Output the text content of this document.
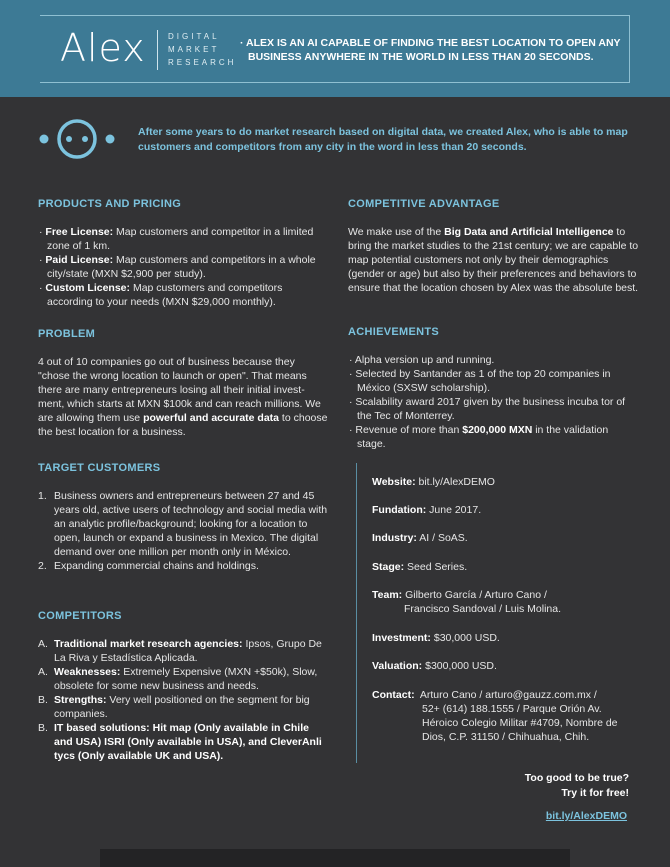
Alex	DIGITAL
MARKET
RESEARCH
· ALEX IS AN AI CAPABLE OF FINDING THE BEST LOCATION TO OPEN ANY
BUSINESS ANYWHERE IN THE WORLD IN LESS THAN 20 SECONDS.
After some years to do market research based on digital data, we created Alex, who is able to map customers and competitors from any city in the word in less than 20 seconds.
PRODUCTS AND PRICING

· Free License: Map customers and competitor in a limited zone of 1 km.

· Paid License: Map customers and competitors in a whole city/state (MXN $2,900 per study).

· Custom License: Map customers and competitors according to your needs (MXN $29,000 monthly).

PROBLEM

4 out of 10 companies go out of business because they "chose the wrong location to launch or open". That means there are many entrepreneurs losing all their initial invest-ment, which starts at MXN $100k and can reach millions. We are allowing them use powerful and accurate data to choose the best location for a business.

TARGET CUSTOMERS
1. Business owners and entrepreneurs between 27 and 45 years old, active users of technology and social media with an analytic profile/background; looking for a location to open, launch or expand a business in Mexico. The digital demand over one million per month only in México.
2. Expanding commercial chains and holdings.
COMPETITORS
A. Traditional market research agencies: Ipsos, Grupo De La Riva y Estadística Aplicada.
A. Weaknesses: Extremely Expensive (MXN +$50k), Slow, obsolete for some new business and needs.
B. Strengths: Very well positioned on the segment for big companies.
B. IT based solutions: Hit map (Only available in Chile and USA) ISRI (Only available in USA), and CleverAnli tycs (Only available UK and USA).
COMPETITIVE ADVANTAGE

We make use of the Big Data and Artificial Intelligence to bring the market studies to the 21st century; we are capable to map potential customers not only by their demographics (gender or age) but also by their preferences and behaviors to ensure that the location chosen by Alex was the absolute best.

ACHIEVEMENTS

· Alpha version up and running.

· Selected by Santander as 1 of the top 20 companies in México (SXSW scholarship).

· Scalability award 2017 given by the business incuba tor of the Tec of Monterrey.

· Revenue of more than $200,000 MXN in the validation stage.

Website: bit.ly/AlexDEMO
Fundation: June 2017.
Industry: AI / SoAS.
Stage: Seed Series.
Team: Gilberto García / Arturo Cano /
Francisco Sandoval / Luis Molina.
Investment: $30,000 USD.
Valuation: $300,000 USD.
Contact: Arturo Cano / arturo@gauzz.com.mx /
52+ (614) 188.1555 / Parque Orión Av.
Héroico Colegio Militar #4709, Nombre de
Dios, C.P. 31150 / Chihuahua, Chih.
Too good to be true?
Try it for free!
bit.ly/AlexDEMO
